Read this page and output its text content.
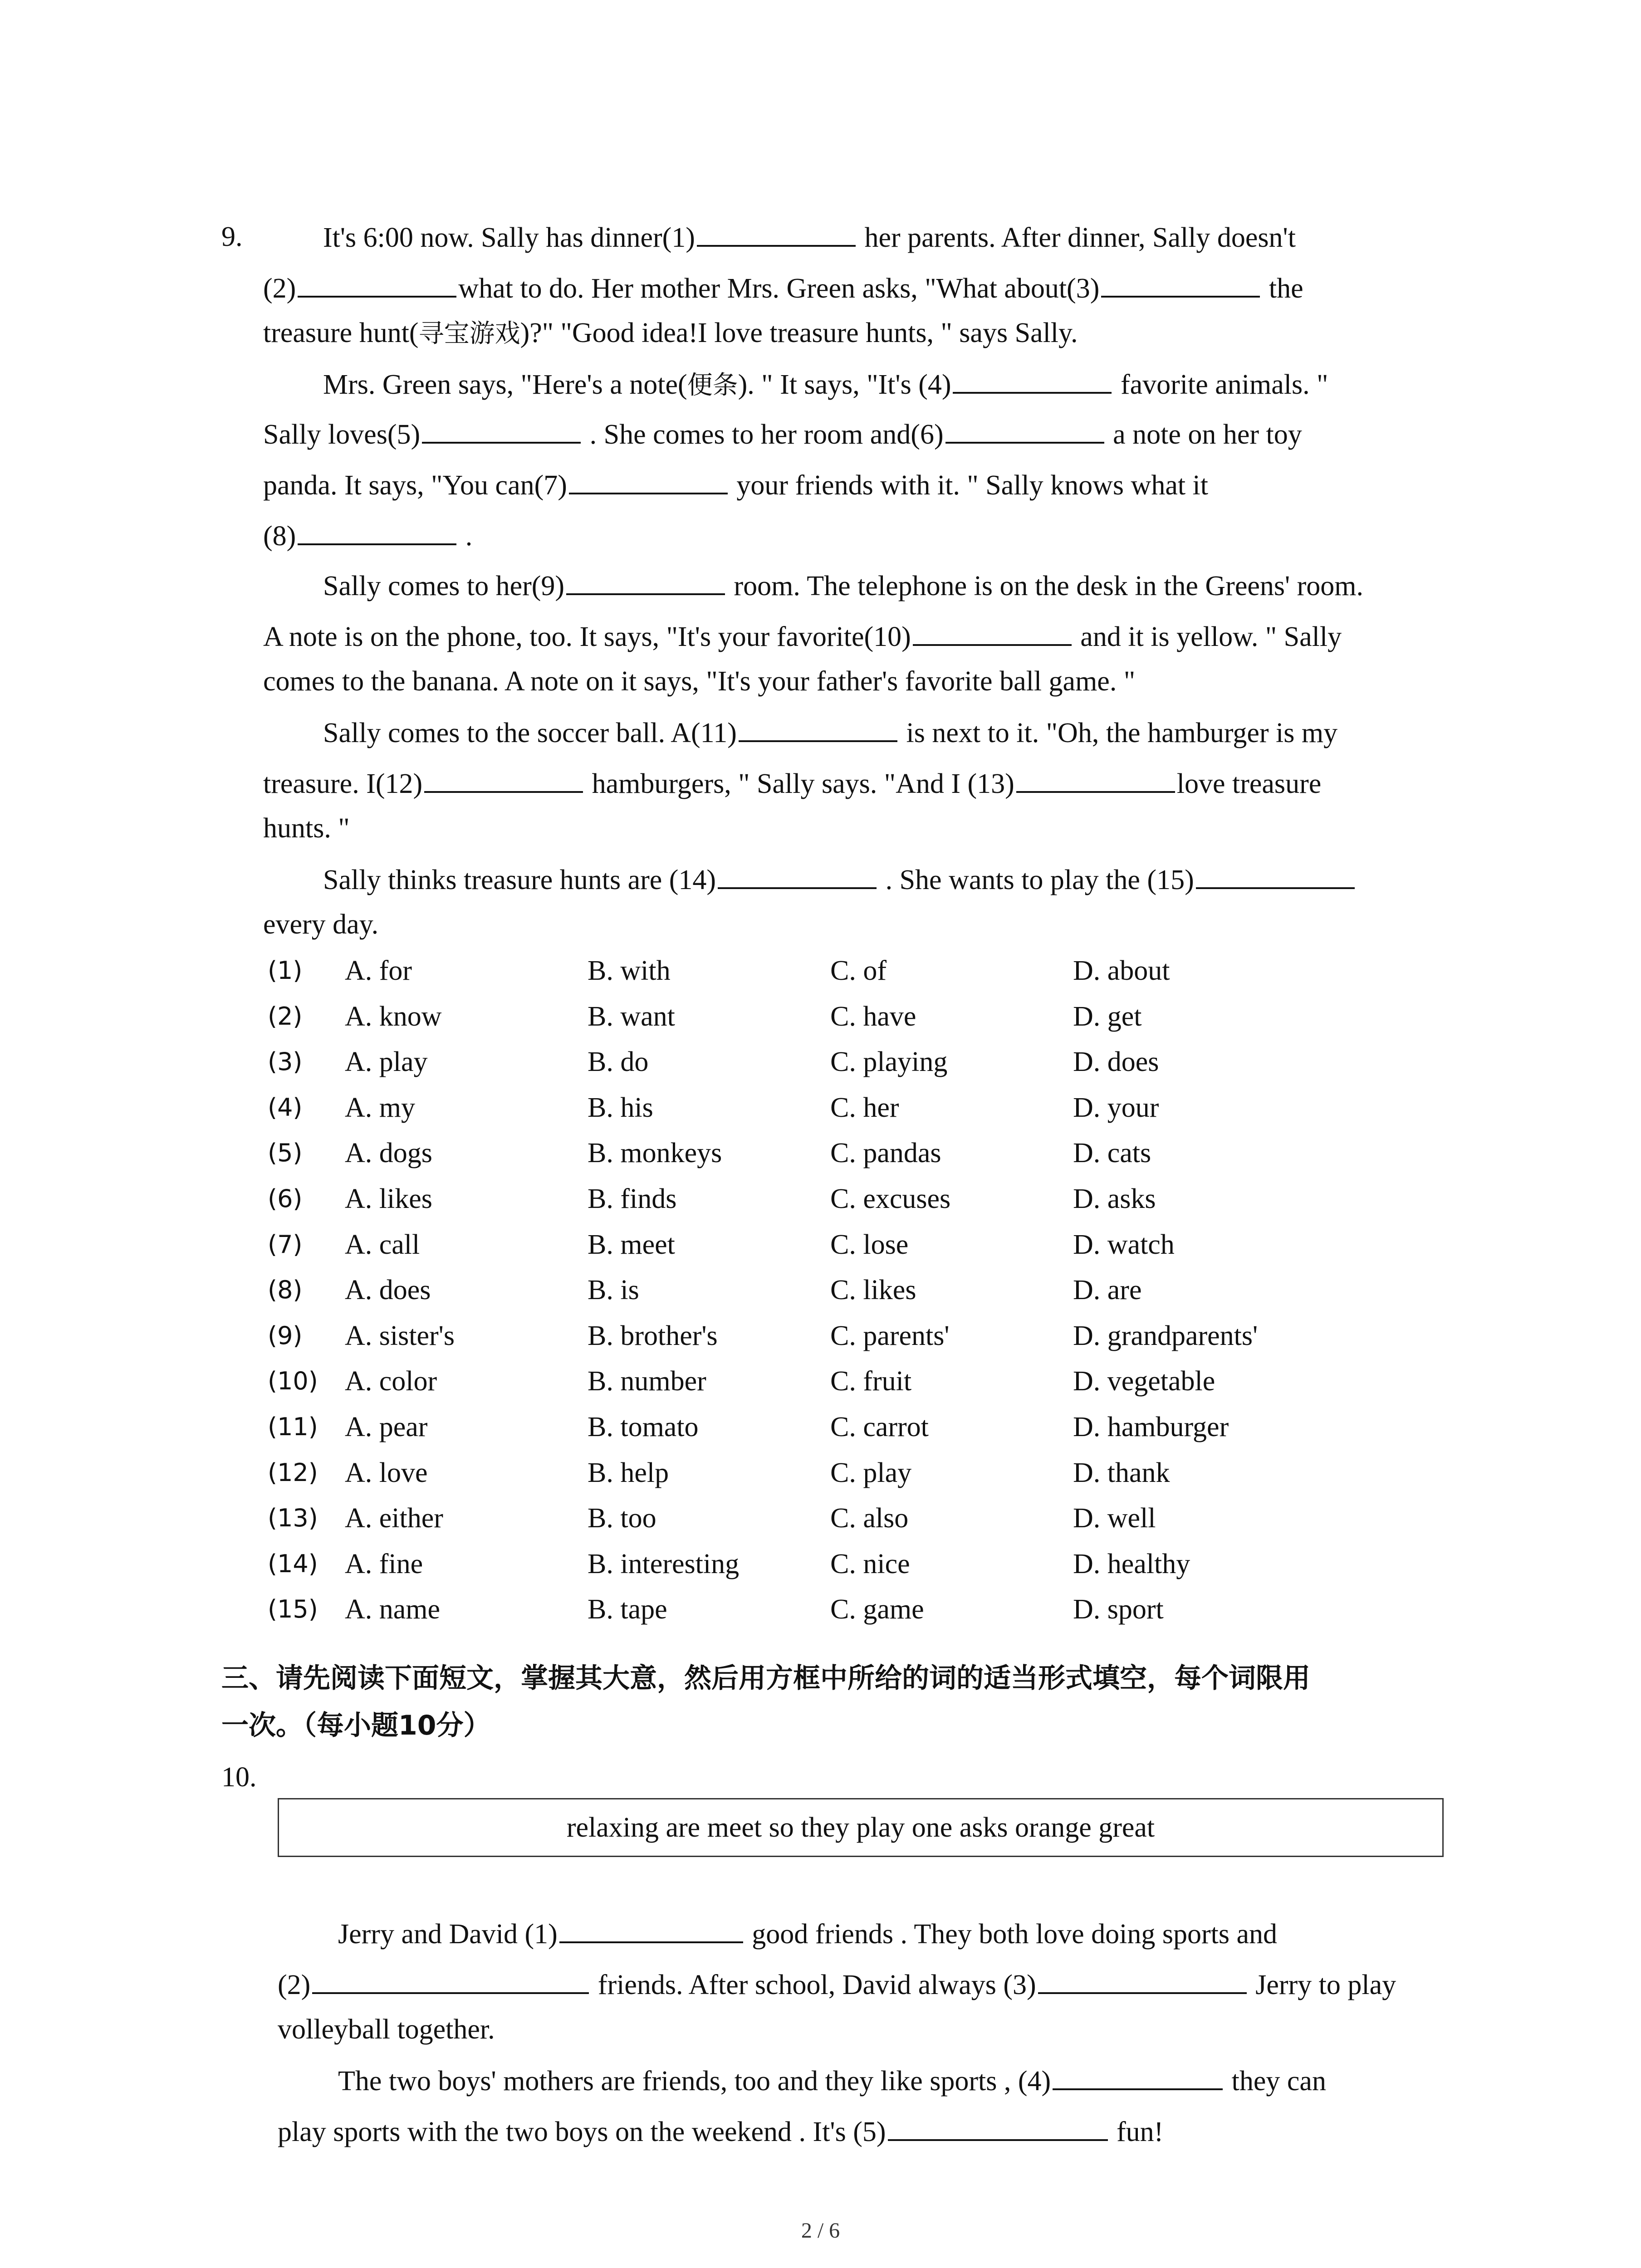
9.	It's 6:00 now. Sally has dinner(1)	her parents. After dinner, Sally doesn't
(2)	what to do. Her mother Mrs. Green asks, "What about(3)	the
treasure hunt(寻宝游戏)?" "Good idea!I love treasure hunts, " says Sally.
Mrs. Green says, "Here's a note(便条). " It says, "It's (4)	favorite animals. "
Sally loves(5)	. She comes to her room and(6)	a note on her toy
panda. It says, "You can(7)	your friends with it. " Sally knows what it
(8)	.
Sally comes to her(9)	room. The telephone is on the desk in the Greens' room.
A note is on the phone, too. It says, "It's your favorite(10)	and it is yellow. " Sally
comes to the banana. A note on it says, "It's your father's favorite ball game. "
Sally comes to the soccer ball. A(11)	is next to it. "Oh, the hamburger is my
treasure. I(12)	hamburgers, " Sally says. "And I (13)	love treasure
hunts. "
Sally thinks treasure hunts are (14)	. She wants to play the (15)
every day.
(1) A. for	B. with	C. of	D. about
(2) A. know	B. want	C. have	D. get
(3) A. play	B. do	C. playing	D. does
(4) A. my	B. his	C. her	D. your
(5) A. dogs	B. monkeys	C. pandas	D. cats
(6) A. likes	B. finds	C. excuses	D. asks
(7) A. call	B. meet	C. lose	D. watch
(8) A. does	B. is	C. likes	D. are
(9) A. sister's	B. brother's	C. parents'	D. grandparents'
(10) A. color	B. number	C. fruit	D. vegetable
(11) A. pear	B. tomato	C. carrot	D. hamburger
(12) A. love	B. help	C. play	D. thank
(13) A. either	B. too	C. also	D. well
(14) A. fine	B. interesting	C. nice	D. healthy
(15) A. name	B. tape	C. game	D. sport
三、请先阅读下面短文，掌握其大意，然后用方框中所给的词的适当形式填空，每个词限用
一次。（每小题10分）
10.
relaxing are meet so they play one asks orange great
Jerry and David (1)	good friends . They both love doing sports and
(2)	friends. After school, David always (3)	Jerry to play
volleyball together.
The two boys' mothers are friends, too and they like sports , (4)	they can
play sports with the two boys on the weekend . It's (5)	fun!
2 / 6
